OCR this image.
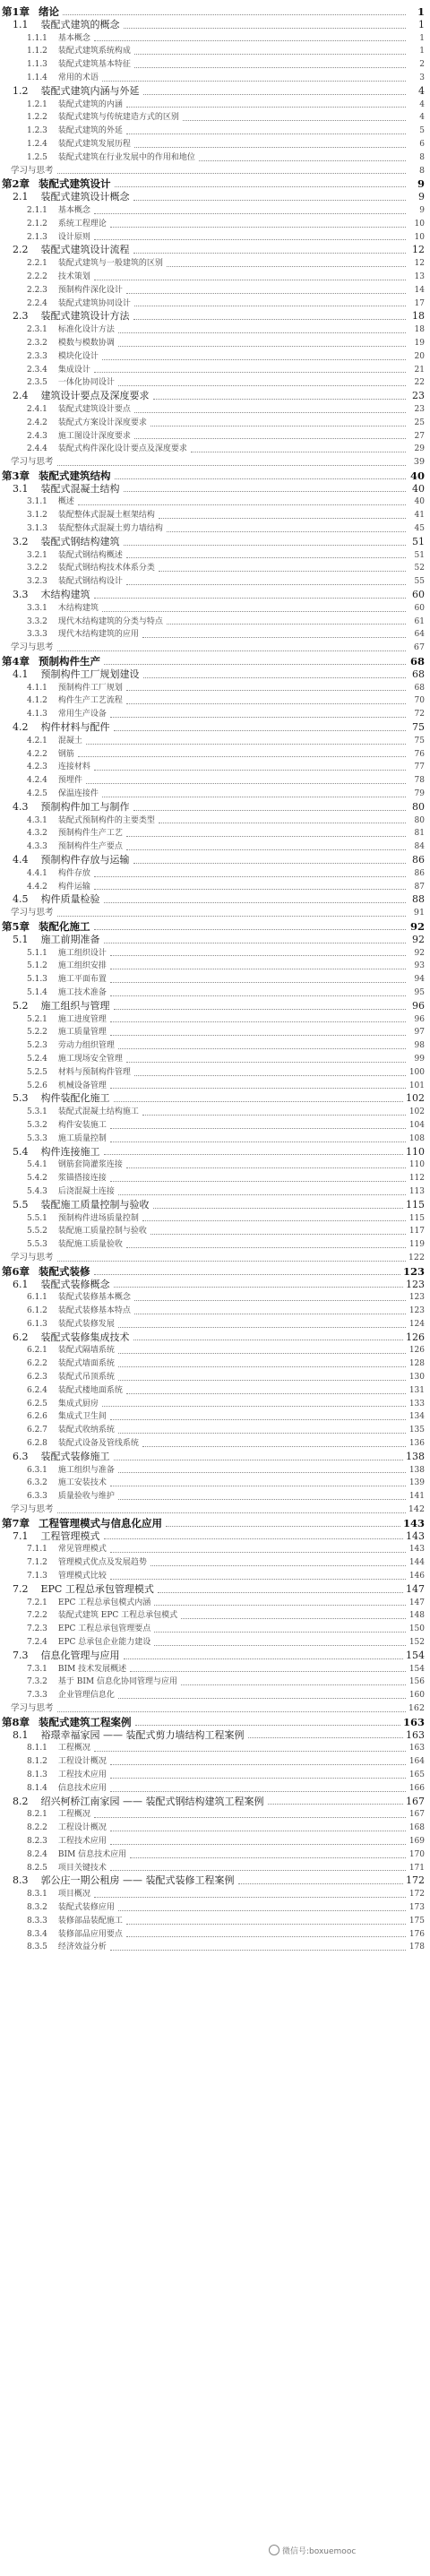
第1章 绪论	1
1.1 装配式建筑的概念	1
1.1.1 基本概念	1
1.1.2 装配式建筑系统构成	1
1.1.3 装配式建筑基本特征	2
1.1.4 常用的术语	3
1.2 装配式建筑内涵与外延	4
1.2.1 装配式建筑的内涵	4
1.2.2 装配式建筑与传统建造方式的区别	4
1.2.3 装配式建筑的外延	5
1.2.4 装配式建筑发展历程	6
1.2.5 装配式建筑在行业发展中的作用和地位	8
学习与思考	8
第2章 装配式建筑设计	9
2.1 装配式建筑设计概念	9
2.1.1 基本概念	9
2.1.2 系统工程理论	10
2.1.3 设计原则	10
2.2 装配式建筑设计流程	12
2.2.1 装配式建筑与一般建筑的区别	12
2.2.2 技术策划	13
2.2.3 预制构件深化设计	14
2.2.4 装配式建筑协同设计	17
2.3 装配式建筑设计方法	18
2.3.1 标准化设计方法	18
2.3.2 模数与模数协调	19
2.3.3 模块化设计	20
2.3.4 集成设计	21
2.3.5 一体化协同设计	22
2.4 建筑设计要点及深度要求	23
2.4.1 装配式建筑设计要点	23
2.4.2 装配式方案设计深度要求	25
2.4.3 施工图设计深度要求	27
2.4.4 装配式构件深化设计要点及深度要求	29
学习与思考	39
第3章 装配式建筑结构	40
3.1 装配式混凝土结构	40
3.1.1 概述	40
3.1.2 装配整体式混凝土框架结构	41
3.1.3 装配整体式混凝土剪力墙结构	45
3.2 装配式钢结构建筑	51
3.2.1 装配式钢结构概述	51
3.2.2 装配式钢结构技术体系分类	52
3.2.3 装配式钢结构设计	55
3.3 木结构建筑	60
3.3.1 木结构建筑	60
3.3.2 现代木结构建筑的分类与特点	61
3.3.3 现代木结构建筑的应用	64
学习与思考	67
第4章 预制构件生产	68
4.1 预制构件工厂规划建设	68
4.1.1 预制构件工厂规划	68
4.1.2 构件生产工艺流程	70
4.1.3 常用生产设备	72
4.2 构件材料与配件	75
4.2.1 混凝土	75
4.2.2 钢筋	76
4.2.3 连接材料	77
4.2.4 预埋件	78
4.2.5 保温连接件	79
4.3 预制构件加工与制作	80
4.3.1 装配式预制构件的主要类型	80
4.3.2 预制构件生产工艺	81
4.3.3 预制构件生产要点	84
4.4 预制构件存放与运输	86
4.4.1 构件存放	86
4.4.2 构件运输	87
4.5 构件质量检验	88
学习与思考	91
第5章 装配化施工	92
5.1 施工前期准备	92
5.1.1 施工组织设计	92
5.1.2 施工组织安排	93
5.1.3 施工平面布置	94
5.1.4 施工技术准备	95
5.2 施工组织与管理	96
5.2.1 施工进度管理	96
5.2.2 施工质量管理	97
5.2.3 劳动力组织管理	98
5.2.4 施工现场安全管理	99
5.2.5 材料与预制构件管理	100
5.2.6 机械设备管理	101
5.3 构件装配化施工	102
5.3.1 装配式混凝土结构施工	102
5.3.2 构件安装施工	104
5.3.3 施工质量控制	108
5.4 构件连接施工	110
5.4.1 钢筋套筒灌浆连接	110
5.4.2 浆锚搭接连接	112
5.4.3 后浇混凝土连接	113
5.5 装配施工质量控制与验收	115
5.5.1 预制构件进场质量控制	115
5.5.2 装配施工质量控制与验收	117
5.5.3 装配施工质量验收	119
学习与思考	122
第6章 装配式装修	123
6.1 装配式装修概念	123
6.1.1 装配式装修基本概念	123
6.1.2 装配式装修基本特点	123
6.1.3 装配式装修发展	124
6.2 装配式装修集成技术	126
6.2.1 装配式隔墙系统	126
6.2.2 装配式墙面系统	128
6.2.3 装配式吊顶系统	130
6.2.4 装配式楼地面系统	131
6.2.5 集成式厨房	133
6.2.6 集成式卫生间	134
6.2.7 装配式收纳系统	135
6.2.8 装配式设备及管线系统	136
6.3 装配式装修施工	138
6.3.1 施工组织与准备	138
6.3.2 施工安装技术	139
6.3.3 质量验收与维护	141
学习与思考	142
第7章 工程管理模式与信息化应用	143
7.1 工程管理模式	143
7.1.1 常见管理模式	143
7.1.2 管理模式优点及发展趋势	144
7.1.3 管理模式比较	146
7.2 EPC 工程总承包管理模式	147
7.2.1 EPC 工程总承包模式内涵	147
7.2.2 装配式建筑 EPC 工程总承包模式	148
7.2.3 EPC 工程总承包管理要点	150
7.2.4 EPC 总承包企业能力建设	152
7.3 信息化管理与应用	154
7.3.1 BIM 技术发展概述	154
7.3.2 基于 BIM 信息化协同管理与应用	156
7.3.3 企业管理信息化	160
学习与思考	162
第8章 装配式建筑工程案例	163
8.1 裕璟幸福家园 —— 装配式剪力墙结构工程案例	163
8.1.1 工程概况	163
8.1.2 工程设计概况	164
8.1.3 工程技术应用	165
8.1.4 信息技术应用	166
8.2 绍兴柯桥江南家园 —— 装配式钢结构建筑工程案例	167
8.2.1 工程概况	167
8.2.2 工程设计概况	168
8.2.3 工程技术应用	169
8.2.4 BIM 信息技术应用	170
8.2.5 项目关键技术	171
8.3 郭公庄一期公租房 —— 装配式装修工程案例	172
8.3.1 项目概况	172
8.3.2 装配式装修应用	173
8.3.3 装修部品装配施工	175
8.3.4 装修部品应用要点	176
8.3.5 经济效益分析	178
微信号:boxuemooc
